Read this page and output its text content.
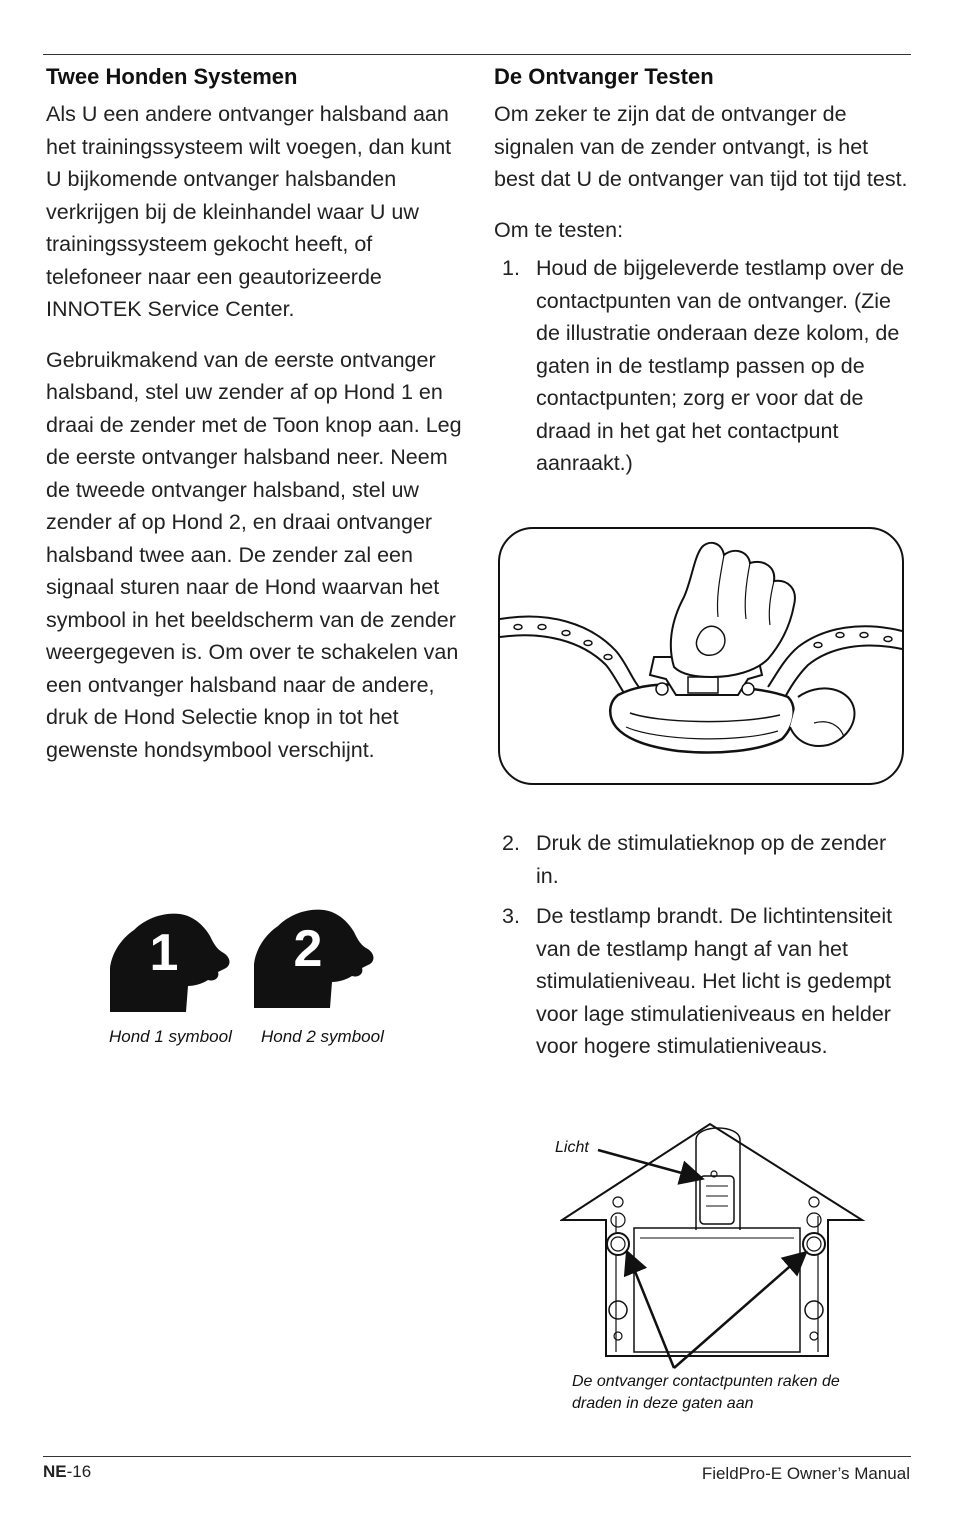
Twee Honden Systemen

Als U een andere ontvanger halsband aan het trainingssysteem wilt voegen, dan kunt U bijkomende ontvanger halsbanden verkrijgen bij de kleinhandel waar U uw trainingssysteem gekocht heeft, of telefoneer naar een geautorizeerde INNOTEK Service Center.

Gebruikmakend van de eerste ontvanger halsband, stel uw zender af op Hond 1 en draai de zender met de Toon knop aan. Leg de eerste ontvanger halsband neer. Neem de tweede ontvanger halsband, stel uw zender af op Hond 2, en draai ontvanger halsband twee aan. De zender zal een signaal sturen naar de Hond waarvan het symbool in het beeldscherm van de zender weergegeven is. Om over te schakelen van een ontvanger halsband naar de andere, druk de Hond Selectie knop in tot het gewenste hondsymbool verschijnt.

1 2
Hond 1 symbool Hond 2 symbool
De Ontvanger Testen

Om zeker te zijn dat de ontvanger de signalen van de zender ontvangt, is het best dat U de ontvanger van tijd tot tijd test.

Om te testen:

1. Houd de bijgeleverde testlamp over de contactpunten van de ontvanger. (Zie de illustratie onderaan deze kolom, de gaten in de testlamp passen op de contactpunten; zorg er voor dat de draad in het gat het contactpunt aanraakt.)
2. Druk de stimulatieknop op de zender in.
3. De testlamp brandt. De lichtintensiteit van de testlamp hangt af van het stimulatieniveau. Het licht is gedempt voor lage stimulatieniveaus en helder voor hogere stimulatieniveaus.
Licht
De ontvanger contactpunten raken de draden in deze gaten aan
NE-16	FieldPro-E Owner’s Manual
